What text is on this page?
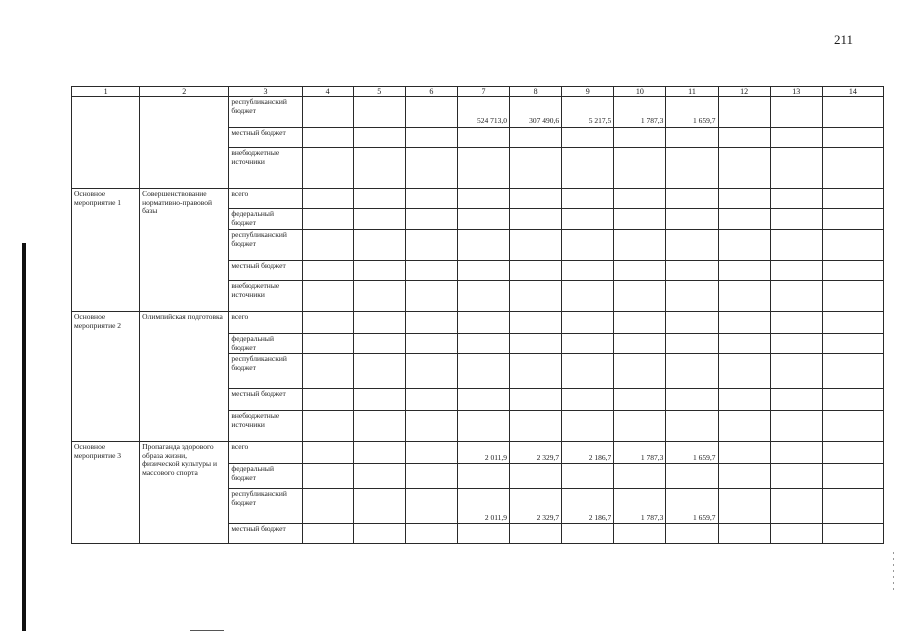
211
1	2	3	4	5	6	7	8	9	10	11	12	13	14
		республиканский бюджет				524 713,0	307 490,6	5 217,5	1 787,3	1 659,7			
		местный бюджет											
		внебюджетные источники											
Основное мероприятие 1	Совершенствование нормативно-правовой базы	всего											
		федеральный бюджет											
		республиканский бюджет											
		местный бюджет											
		внебюджетные источники											
Основное мероприятие 2	Олимпийская подготовка	всего											
		федеральный бюджет											
		республиканский бюджет											
		местный бюджет											
		внебюджетные источники											
Основное мероприятие 3	Пропаганда здорового образа жизни, физической культуры и массового спорта	всего				2 011,9	2 329,7	2 186,7	1 787,3	1 659,7			
		федеральный бюджет											
		республиканский бюджет				2 011,9	2 329,7	2 186,7	1 787,3	1 659,7			
		местный бюджет											
